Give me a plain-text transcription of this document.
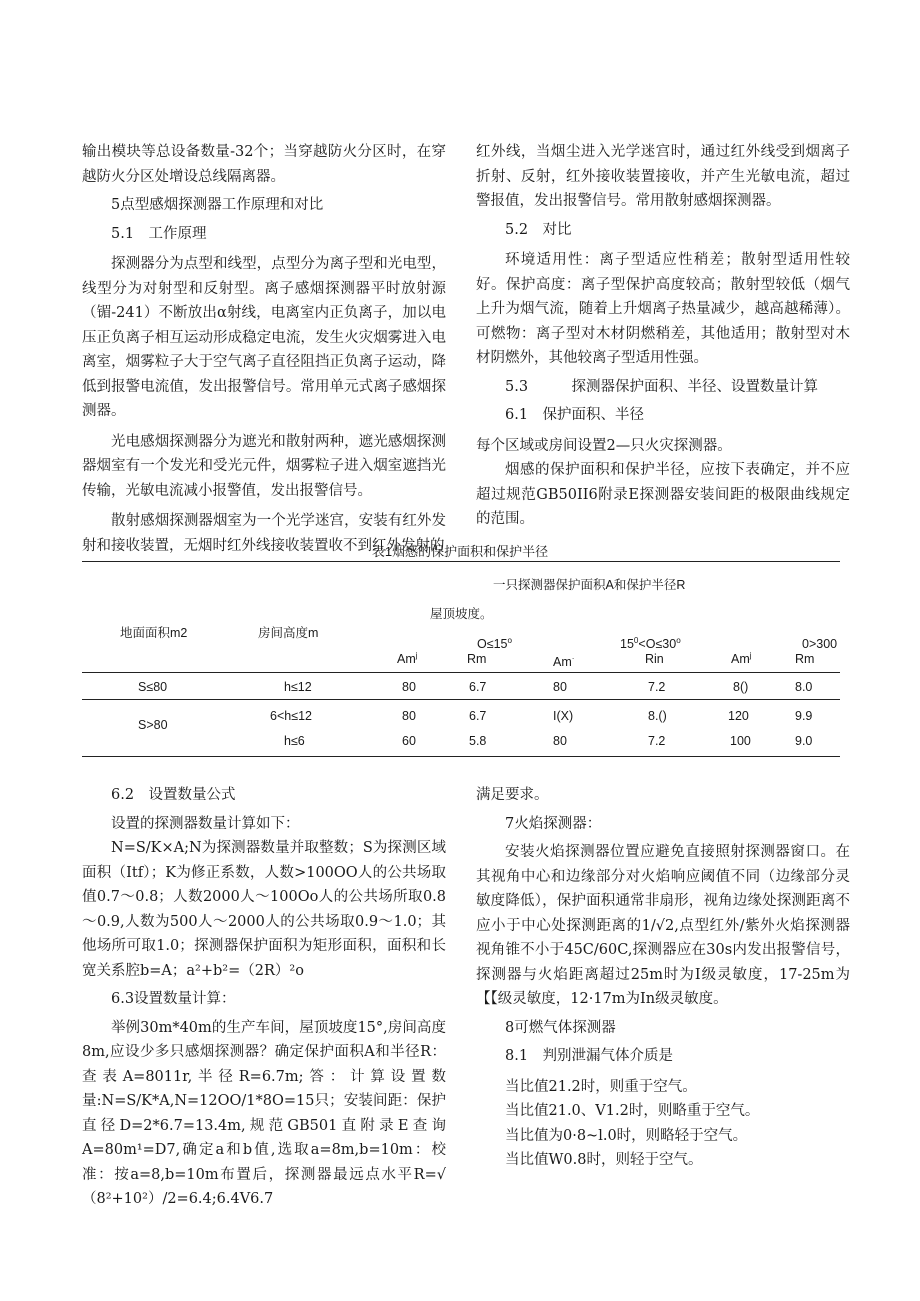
输出模块等总设备数量-32个；当穿越防火分区时，在穿越防火分区处增设总线隔离器。

5点型感烟探测器工作原理和对比

5.1　工作原理

探测器分为点型和线型，点型分为离子型和光电型，线型分为对射型和反射型。离子感烟探测器平时放射源（镅-241）不断放出α射线，电离室内正负离子，加以电压正负离子相互运动形成稳定电流，发生火灾烟雾进入电离室，烟雾粒子大于空气离子直径阻挡正负离子运动，降低到报警电流值，发出报警信号。常用单元式离子感烟探测器。

光电感烟探测器分为遮光和散射两种，遮光感烟探测器烟室有一个发光和受光元件，烟雾粒子进入烟室遮挡光传输，光敏电流减小报警值，发出报警信号。

散射感烟探测器烟室为一个光学迷宫，安装有红外发射和接收装置，无烟时红外线接收装置收不到红外发射的

红外线，当烟尘进入光学迷宫时，通过红外线受到烟离子折射、反射，红外接收装置接收，并产生光敏电流，超过警报值，发出报警信号。常用散射感烟探测器。

5.2　对比

环境适用性：离子型适应性稍差；散射型适用性较好。保护高度：离子型保护高度较高；散射型较低（烟气上升为烟气流，随着上升烟离子热量减少，越高越稀薄）。可燃物：离子型对木材阴燃稍差，其他适用；散射型对木材阴燃外，其他较离子型适用性强。

5.3　　　探测器保护面积、半径、设置数量计算

6.1　保护面积、半径

每个区域或房间设置2—只火灾探测器。

烟感的保护面积和保护半径，应按下表确定，并不应超过规范GB50II6附录E探测器安装间距的极限曲线规定的范围。

表1烟感的保护面积和保护半径
一只探测器保护面积A和保护半径R
屋顶坡度。
地面面积m2	房间高度m
$O\le 15^o$	$15^0<O\le 30^o$	0>300
Am$^j$	Rm	Am·	Rin	Am$^j$	Rm
S≤80	h≤12	80	6.7	80	7.2	8()	8.0
S>80
6<h≤12	80	6.7	I(X)	8.()	120	9.9
h≤6	60	5.8	80	7.2	100	9.0

6.2　设置数量公式

设置的探测器数量计算如下：

N=S/K×A;N为探测器数量并取整数；S为探测区域面积（Itf）；K为修正系数，人数>100OO人的公共场取值0.7～0.8；人数2000人～100Oo人的公共场所取0.8～0.9,人数为500人～2000人的公共场取0.9～1.0；其他场所可取1.0；探测器保护面积为矩形面积，面积和长宽关系腔b=A；a²+b²=（2R）²o

6.3设置数量计算：

举例30m*40m的生产车间，屋顶坡度15°,房间高度8m,应设少多只感烟探测器？确定保护面积A和半径R：查表A=8011r,半径R=6.7m;答：计算设置数量:N=S/K*A,N=12OO/1*8O=15只；安装间距：保护直径D=2*6.7=13.4m,规范GB501直附录E查询A=80m¹=D7,确定a和b值,选取a=8m,b=10m：校准：按a=8,b=10m布置后，探测器最远点水平R=√（8²+10²）/2=6.4;6.4V6.7

满足要求。

7火焰探测器：

安装火焰探测器位置应避免直接照射探测器窗口。在其视角中心和边缘部分对火焰响应阈值不同（边缘部分灵敏度降低），保护面积通常非扇形，视角边缘处探测距离不应小于中心处探测距离的1/√2,点型红外/紫外火焰探测器视角锥不小于45C/60C,探测器应在30s内发出报警信号，探测器与火焰距离超过25m时为I级灵敏度，17-25m为【【级灵敏度，12·17m为In级灵敏度。

8可燃气体探测器

8.1　判别泄漏气体介质是

当比值21.2时，则重于空气。

当比值21.0、V1.2时，则略重于空气。

当比值为0·8~l.0时，则略轻于空气。

当比值W0.8时，则轻于空气。
